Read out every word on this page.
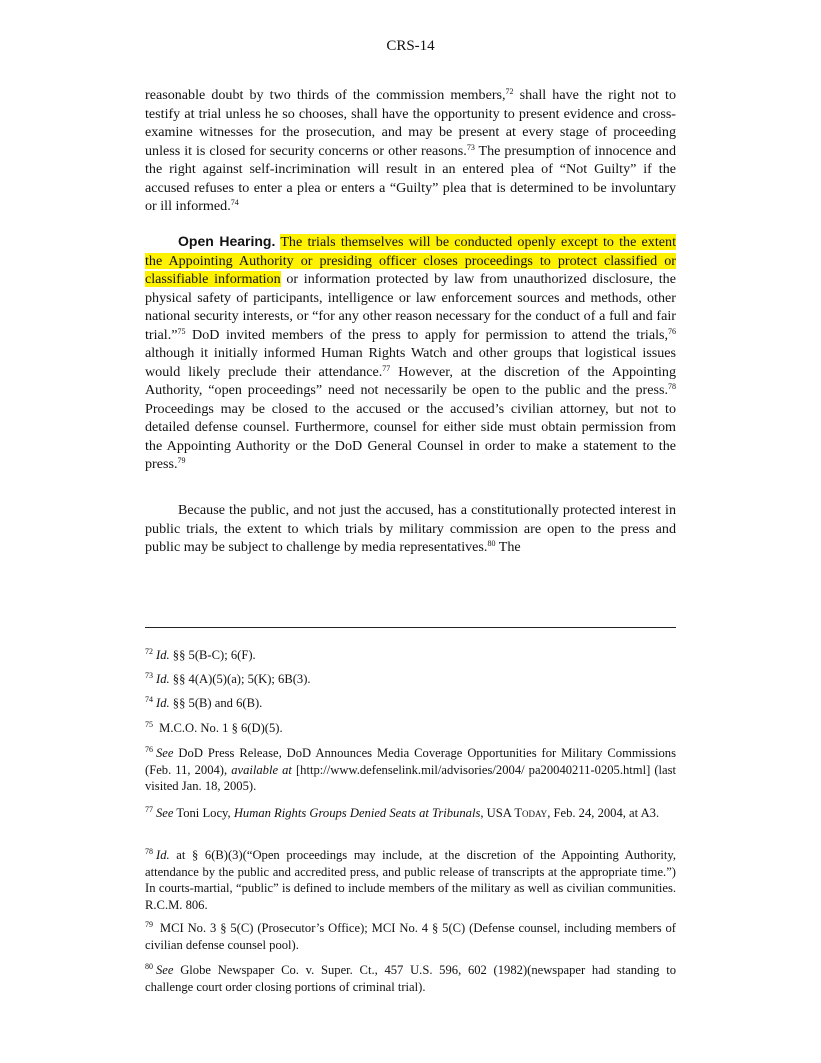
CRS-14

reasonable doubt by two thirds of the commission members,$^{72}$ shall have the right not to testify at trial unless he so chooses, shall have the opportunity to present evidence and cross-examine witnesses for the prosecution, and may be present at every stage of proceeding unless it is closed for security concerns or other reasons.$^{73}$ The presumption of innocence and the right against self-incrimination will result in an entered plea of “Not Guilty” if the accused refuses to enter a plea or enters a “Guilty” plea that is determined to be involuntary or ill informed.$^{74}$

Open Hearing. The trials themselves will be conducted openly except to the extent the Appointing Authority or presiding officer closes proceedings to protect classified or classifiable information or information protected by law from unauthorized disclosure, the physical safety of participants, intelligence or law enforcement sources and methods, other national security interests, or “for any other reason necessary for the conduct of a full and fair trial.”$^{75}$ DoD invited members of the press to apply for permission to attend the trials,$^{76}$ although it initially informed Human Rights Watch and other groups that logistical issues would likely preclude their attendance.$^{77}$ However, at the discretion of the Appointing Authority, “open proceedings” need not necessarily be open to the public and the press.$^{78}$ Proceedings may be closed to the accused or the accused’s civilian attorney, but not to detailed defense counsel. Furthermore, counsel for either side must obtain permission from the Appointing Authority or the DoD General Counsel in order to make a statement to the press.$^{79}$

Because the public, and not just the accused, has a constitutionally protected interest in public trials, the extent to which trials by military commission are open to the press and public may be subject to challenge by media representatives.$^{80}$ The

$^{72}$ Id. §§ 5(B-C); 6(F).

$^{73}$ Id. §§ 4(A)(5)(a); 5(K); 6B(3).

$^{74}$ Id. §§ 5(B) and 6(B).

$^{75}$ M.C.O. No. 1 § 6(D)(5).

$^{76}$ See DoD Press Release, DoD Announces Media Coverage Opportunities for Military Commissions (Feb. 11, 2004), available at [http://www.defenselink.mil/advisories/2004/ pa20040211-0205.html] (last visited Jan. 18, 2005).

$^{77}$ See Toni Locy, Human Rights Groups Denied Seats at Tribunals, USA Today, Feb. 24, 2004, at A3.

$^{78}$ Id. at § 6(B)(3)(“Open proceedings may include, at the discretion of the Appointing Authority, attendance by the public and accredited press, and public release of transcripts at the appropriate time.”) In courts-martial, “public” is defined to include members of the military as well as civilian communities. R.C.M. 806.

$^{79}$ MCI No. 3 § 5(C) (Prosecutor’s Office); MCI No. 4 § 5(C) (Defense counsel, including members of civilian defense counsel pool).

$^{80}$ See Globe Newspaper Co. v. Super. Ct., 457 U.S. 596, 602 (1982)(newspaper had standing to challenge court order closing portions of criminal trial).
